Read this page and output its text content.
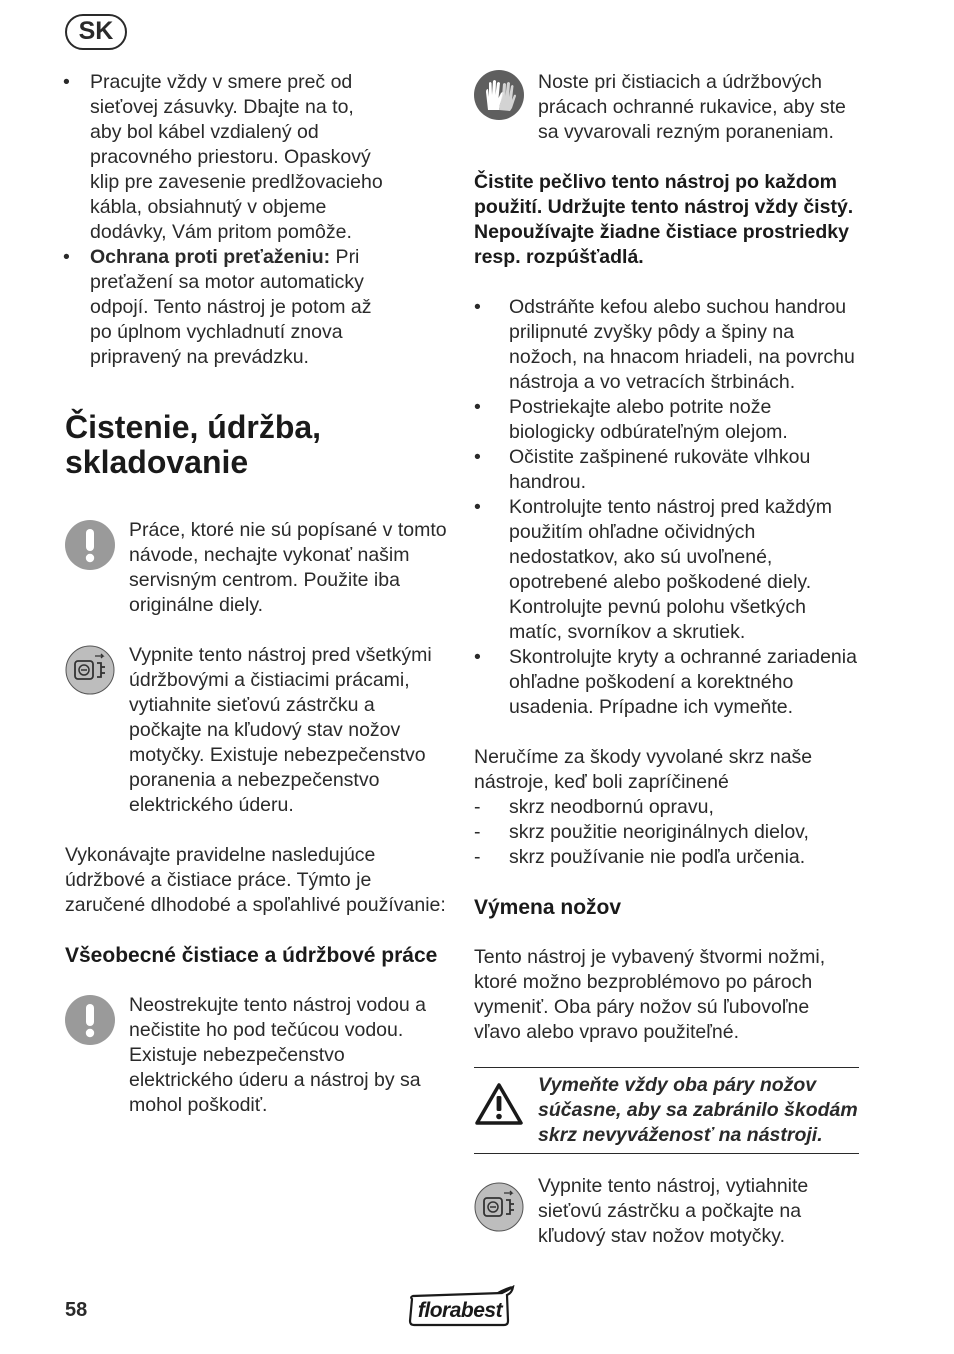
SK
•	Pracujte vždy v smere preč od sieťovej zásuvky. Dbajte na to, aby bol kábel vzdialený od pracovného priestoru. Opaskový klip pre zavesenie predlžovacieho kábla, obsiahnutý v objeme dodávky, Vám pritom pomôže.
•	Ochrana proti preťaženiu: Pri preťažení sa motor automaticky odpojí. Tento nástroj je potom až po úplnom vychladnutí znova pripravený na prevádzku.
Čistenie, údržba, skladovanie

Práce, ktoré nie sú popísané v tomto návode, nechajte vykonať našim servisným centrom. Použite iba originálne diely.

Vypnite tento nástroj pred všetkými údržbovými a čistiacimi prácami, vytiahnite sieťovú zástrčku a počkajte na kľudový stav nožov motyčky. Existuje nebezpečenstvo poranenia a nebezpečenstvo elektrického úderu.

Vykonávajte pravidelne nasledujúce údržbové a čistiace práce. Týmto je zaručené dlhodobé a spoľahlivé používanie:

Všeobecné čistiace a údržbové práce

Neostrekujte tento nástroj vodou a nečistite ho pod tečúcou vodou. Existuje nebezpečenstvo elektrického úderu a nástroj by sa mohol poškodiť.

Noste pri čistiacich a údržbových prácach ochranné rukavice, aby ste sa vyvarovali rezným poraneniam.

Čistite pečlivo tento nástroj po každom použití. Udržujte tento nástroj vždy čistý. Nepoužívajte žiadne čistiace prostriedky resp. rozpúšťadlá.

•	Odstráňte kefou alebo suchou handrou prilipnuté zvyšky pôdy a špiny na nožoch, na hnacom hriadeli, na povrchu nástroja a vo vetracích štrbinách.
•	Postriekajte alebo potrite nože biologicky odbúrateľným olejom.
•	Očistite zašpinené rukoväte vlhkou handrou.
•	Kontrolujte tento nástroj pred každým použitím ohľadne očividných nedostatkov, ako sú uvoľnené, opotrebené alebo poškodené diely. Kontrolujte pevnú polohu všetkých matíc, svorníkov a skrutiek.
•	Skontrolujte kryty a ochranné zariadenia ohľadne poškodení a korektného usadenia. Prípadne ich vymeňte.

Neručíme za škody vyvolané skrz naše nástroje, keď boli zapríčinené

-	skrz neodbornú opravu,
-	skrz použitie neoriginálnych dielov,
-	skrz používanie nie podľa určenia.
Výmena nožov

Tento nástroj je vybavený štvormi nožmi, ktoré možno bezproblémovo po pároch vymeniť. Oba páry nožov sú ľubovoľne vľavo alebo vpravo použiteľné.

Vymeňte vždy oba páry nožov súčasne, aby sa zabránilo škodám skrz nevyváženosť na nástroji.

Vypnite tento nástroj, vytiahnite sieťovú zástrčku a počkajte na kľudový stav nožov motyčky.

58	florabest
